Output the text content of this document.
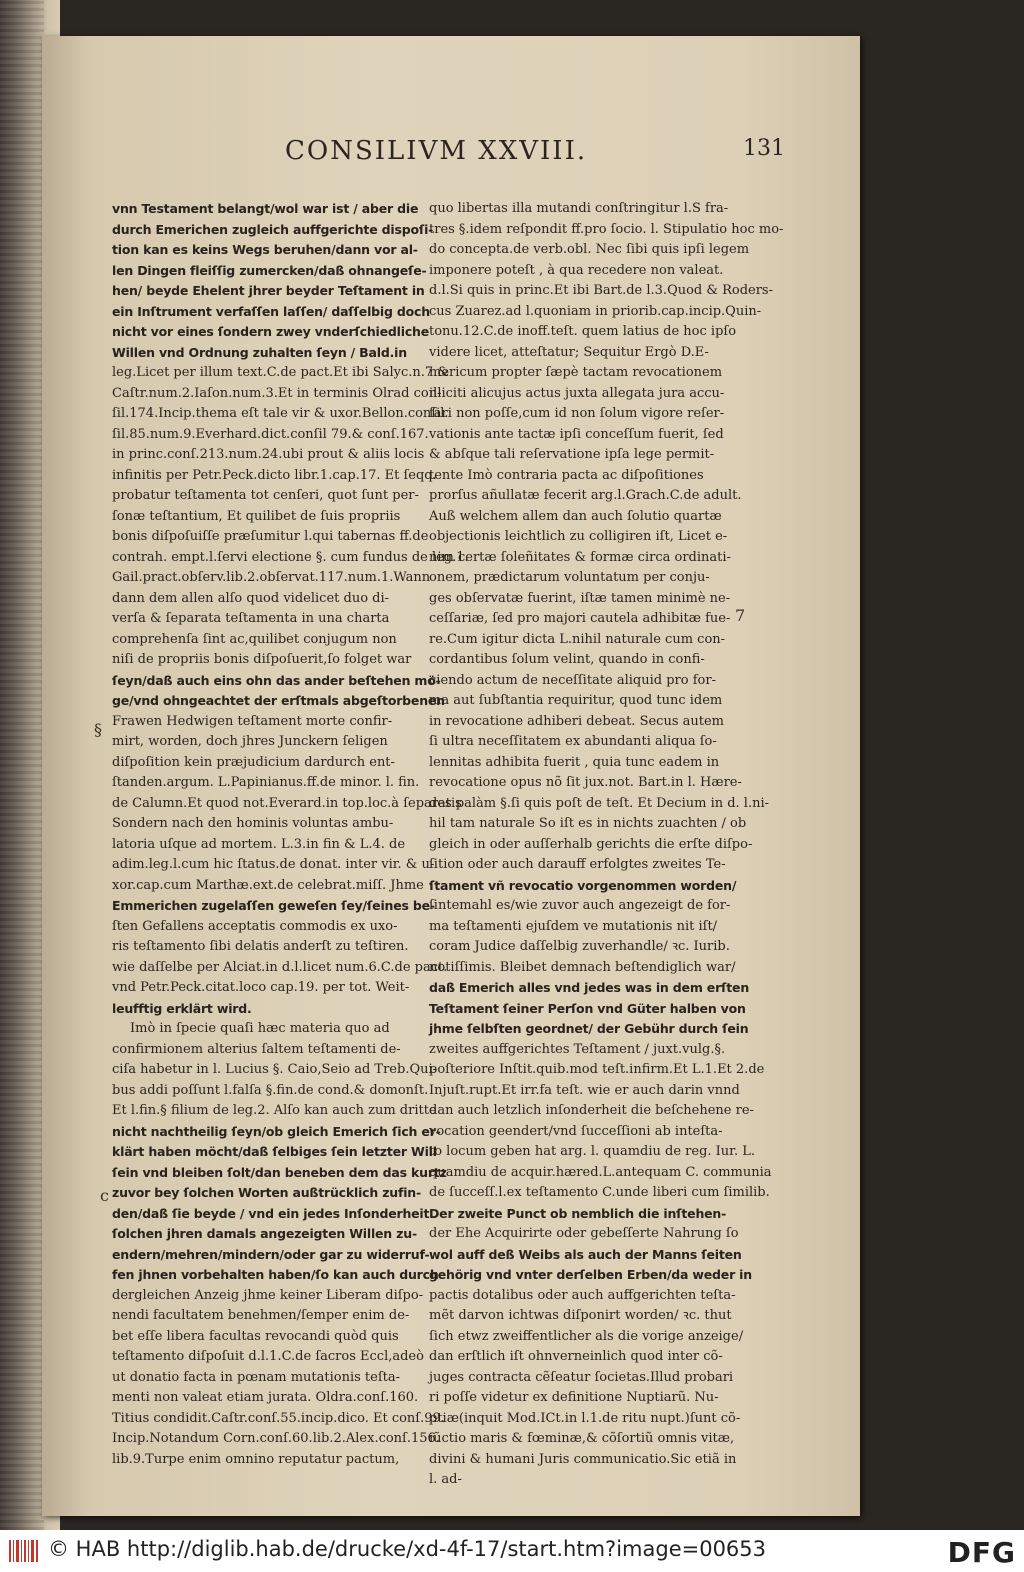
CONSILIVM XXVIII.	131
vnn Testament belangt/wol war ist / aber die
durch Emerichen zugleich auffgerichte dispoſi-
tion kan es keins Wegs beruhen/dann vor al-
len Dingen fleiſſig zumercken/daß ohnangeſe-
hen/ beyde Ehelent jhrer beyder Teſtament in
ein Inſtrument verfaſſen laſſen/ daſſelbig doch
nicht vor eines ſondern zwey vnderſchiedliche
Willen vnd Ordnung zuhalten ſeyn / Bald.in
leg.Licet per illum text.C.de pact.Et ibi Salyc.n.7.&
Caſtr.num.2.Iaſon.num.3.Et in terminis Olrad con-
ſil.174.Incip.thema eſt tale vir & uxor.Bellon.conſil.
ſil.85.num.9.Everhard.dict.conſil 79.& conſ.167.
in princ.conſ.213.num.24.ubi prout & aliis locis
infinitis per Petr.Peck.dicto libr.1.cap.17. Et ſeqq.
probatur teſtamenta tot cenſeri, quot ſunt per-
ſonæ teſtantium, Et quilibet de ſuis propriis
bonis diſpoſuiſſe præſumitur l.qui tabernas ff.de
contrah. empt.l.ſervi electione §. cum fundus de leg.1.
Gail.pract.obſerv.lib.2.obſervat.117.num.1.Wann
dann dem allen alſo quod videlicet duo di-
verſa & ſeparata teſtamenta in una charta
comprehenſa ſint ac,quilibet conjugum non
niſi de propriis bonis diſpoſuerit,ſo folget war
ſeyn/daß auch eins ohn das ander beſtehen mö-
ge/vnd ohngeachtet der erſtmals abgeſtorbenen
Frawen Hedwigen teſtament morte confir-
mirt, worden, doch jhres Junckern ſeligen
diſpoſition kein præjudicium dardurch ent-
ſtanden.argum. L.Papinianus.ff.de minor. l. fin.
de Calumn.Et quod not.Everard.in top.loc.à ſeparatis
Sondern nach den hominis voluntas ambu-
latoria uſque ad mortem. L.3.in fin & L.4. de
adim.leg.l.cum hic ſtatus.de donat. inter vir. & u-
xor.cap.cum Marthæ.ext.de celebrat.miſſ. Jhme
Emmerichen zugelaſſen geweſen ſey/ſeines be-
ſten Gefallens acceptatis commodis ex uxo-
ris teſtamento ſibi delatis anderſt zu teſtiren.
wie daſſelbe per Alciat.in d.l.licet num.6.C.de pact.
vnd Petr.Peck.citat.loco cap.19. per tot. Weit-
leufftig erklärt wird.
Imò in ſpecie quaſi hæc materia quo ad
confirmionem alterius ſaltem teſtamenti de-
ciſa habetur in l. Lucius §. Caio,Seio ad Treb.Qui-
bus addi poſſunt l.falſa §.fin.de cond.& domonſt.
Et l.fin.§ filium de leg.2. Alſo kan auch zum dritte
nicht nachtheilig ſeyn/ob gleich Emerich ſich er-
klärt haben möcht/daß ſelbiges ſein letzter Will
ſein vnd bleiben ſolt/dan beneben dem das kurtz
zuvor bey ſolchen Worten außtrücklich zufin-
den/daß ſie beyde / vnd ein jedes Inſonderheit
ſolchen jhren damals angezeigten Willen zu-
endern/mehren/mindern/oder gar zu widerruf-
fen jhnen vorbehalten haben/ſo kan auch durch
dergleichen Anzeig jhme keiner Liberam diſpo-
nendi facultatem benehmen/ſemper enim de-
bet eſſe libera facultas revocandi quòd quis
teſtamento diſpoſuit d.l.1.C.de ſacros Eccl,adeò
ut donatio facta in pœnam mutationis teſta-
menti non valeat etiam jurata. Oldra.conſ.160.
Titius condidit.Caſtr.conſ.55.incip.dico. Et conſ.99.
Incip.Notandum Corn.conſ.60.lib.2.Alex.conſ.156.
lib.9.Turpe enim omnino reputatur pactum,
quo libertas illa mutandi conſtringitur l.S fra-
tres §.idem reſpondit ff.pro ſocio. l. Stipulatio hoc mo-
do concepta.de verb.obl. Nec ſibi quis ipſi legem
imponere poteſt , à qua recedere non valeat.
d.l.Si quis in princ.Et ibi Bart.de l.3.Quod & Roders-
cus Zuarez.ad l.quoniam in priorib.cap.incip.Quin-
tonu.12.C.de inoff.teſt. quem latius de hoc ipſo
videre licet, atteſtatur; Sequitur Ergò D.E-
mericum propter ſæpè tactam revocationem
illiciti alicujus actus juxta allegata jura accu-
ſari non poſſe,cum id non ſolum vigore reſer-
vationis ante tactæ ipſi conceſſum fuerit, ſed
& abſque tali reſervatione ipſa lege permit-
tente Imò contraria pacta ac diſpoſitiones
prorſus añullatæ fecerit arg.l.Grach.C.de adult.
Auß welchem allem dan auch ſolutio quartæ
objectionis leichtlich zu colligiren iſt, Licet e-
nim certæ ſoleñitates & formæ circa ordinati-
onem, prædictarum voluntatum per conju-
ges obſervatæ fuerint, iſtæ tamen minimè ne-
ceſſariæ, ſed pro majori cautela adhibitæ fue-
re.Cum igitur dicta L.nihil naturale cum con-
cordantibus ſolum velint, quando in confi-
ciendo actum de neceſſitate aliquid pro for-
ma aut ſubſtantia requiritur, quod tunc idem
in revocatione adhiberi debeat. Secus autem
ſi ultra neceſſitatem ex abundanti aliqua ſo-
lennitas adhibita fuerit , quia tunc eadem in
revocatione opus nõ ſit jux.not. Bart.in l. Hære-
des palàm §.ſi quis poſt de teſt. Et Decium in d. l.ni-
hil tam naturale So iſt es in nichts zuachten / ob
gleich in oder auſſerhalb gerichts die erſte diſpo-
ſition oder auch darauff erfolgtes zweites Te-
ſtament vñ revocatio vorgenommen worden/
ſintemahl es/wie zuvor auch angezeigt de for-
ma teſtamenti ejuſdem ve mutationis nit iſt/
coram Judice daſſelbig zuverhandle/ ꝛc. Iurib.
notiſſimis. Bleibet demnach beſtendiglich war/
daß Emerich alles vnd jedes was in dem erſten
Teſtament ſeiner Perſon vnd Güter halben von
jhme ſelbſten geordnet/ der Gebühr durch ſein
zweites auffgerichtes Teſtament / juxt.vulg.§.
poſteriore Inſtit.quib.mod teſt.infirm.Et L.1.Et 2.de
Injuſt.rupt.Et irr.fa teſt. wie er auch darin vnnd
dan auch letzlich inſonderheit die beſchehene re-
vocation geendert/vnd ſucceſſioni ab inteſta-
to locum geben hat arg. l. quamdiu de reg. Iur. L.
quamdiu de acquir.hæred.L.antequam C. communia
de ſucceſſ.l.ex teſtamento C.unde liberi cum ſimilib.
Der zweite Punct ob nemblich die inſtehen-
der Ehe Acquirirte oder gebeſſerte Nahrung ſo
wol auff deß Weibs als auch der Manns ſeiten
gehörig vnd vnter derſelben Erben/da weder in
pactis dotalibus oder auch auffgerichten teſta-
mẽt darvon ichtwas diſponirt worden/ ꝛc. thut
ſich etwz zweiffentlicher als die vorige anzeige/
dan erſtlich iſt ohnverneinlich quod inter cõ-
juges contracta cẽſeatur ſocietas.Illud probari
ri poſſe videtur ex definitione Nuptiarũ. Nu-
ptiæ(inquit Mod.ICt.in l.1.de ritu nupt.)ſunt cõ-
iũctio maris & fœminæ,& cõſortiũ omnis vitæ,
divini & humani Juris communicatio.Sic etiã in
l. ad-
§
c
7
© HAB http://diglib.hab.de/drucke/xd-4f-17/start.htm?image=00653	DFG
